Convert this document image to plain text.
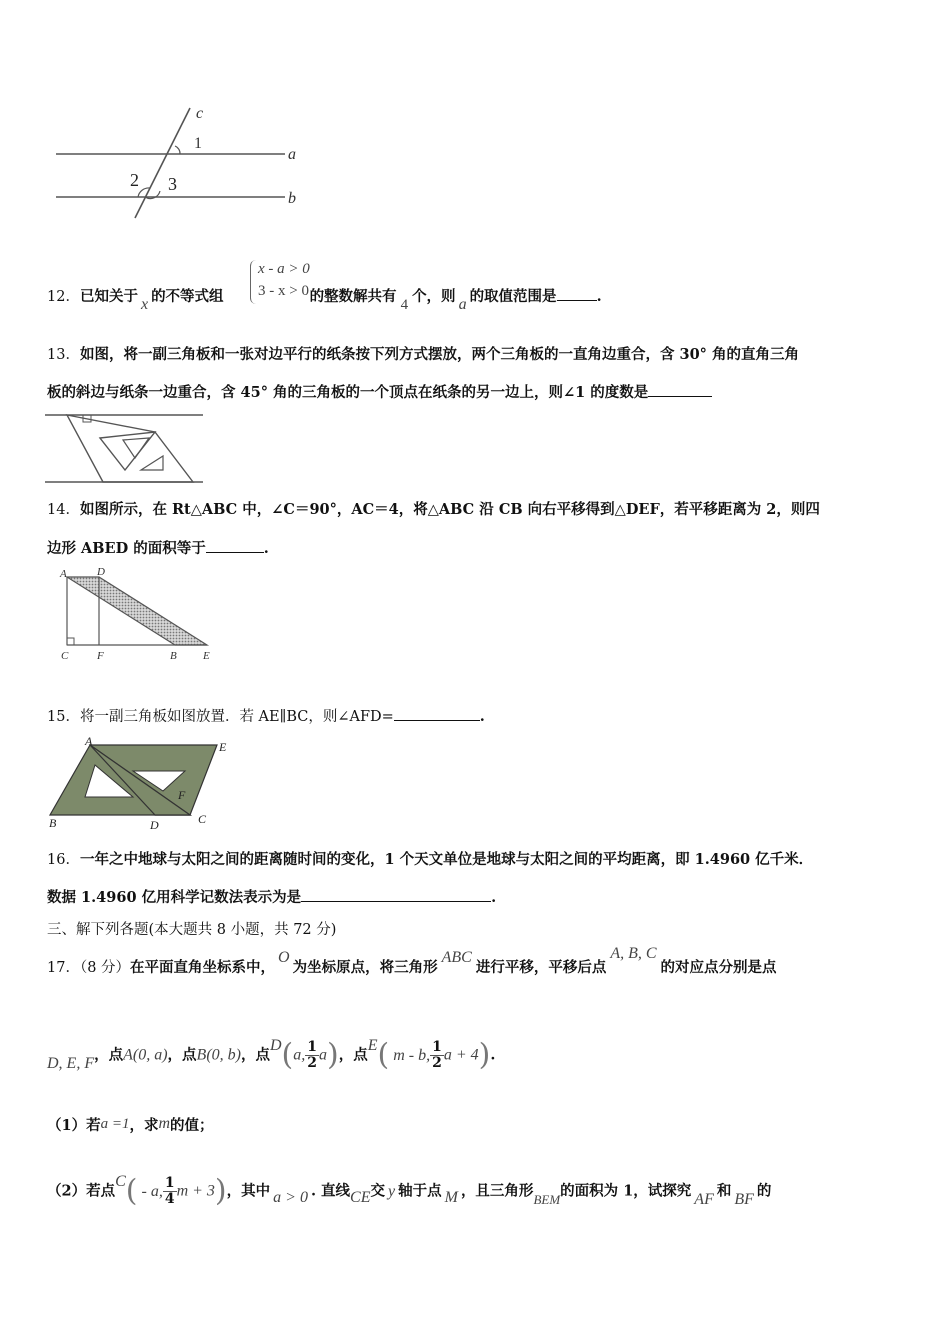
c
1
a
2 3
b
x - a > 0
3 - x > 0
12．已知关于 x 的不等式组	的整数解共有 4 个，则 a 的取值范围是	.
13．如图，将一副三角板和一张对边平行的纸条按下列方式摆放，两个三角板的一直角边重合，含 30° 角的直角三角
板的斜边与纸条一边重合，含 45° 角的三角板的一个顶点在纸条的另一边上，则∠1 的度数是
14．如图所示，在 Rt△ABC 中，∠C＝90°，AC＝4，将△ABC 沿 CB 向右平移得到△DEF，若平移距离为 2，则四
边形 ABED 的面积等于	.
A	D
C	F	B E
15．将一副三角板如图放置．若 AE∥BC，则∠AFD=	.
A	E
F
B	D	C
16．一年之中地球与太阳之间的距离随时间的变化，1 个天文单位是地球与太阳之间的平均距离，即 1.4960 亿千米．
数据 1.4960 亿用科学记数法表示为是	.
三、解下列各题(本大题共 8 小题，共 72 分)
17．（8 分）在平面直角坐标系中，O为坐标原点，将三角形ABC进行平移，平移后点A, B, C的对应点分别是点
D, E, F，点A(0, a)，点B(0, b)，点D(a, $\frac{1}{2} a$)，点E( m - b, $\frac{1}{2}$ a + 4).
（1）若a =1，求m的值；
（2）若点C( - a, $\frac{1}{4}$ m + 3)，其中 a > 0 . 直线CE交 y 轴于点 M ，且三角形BEM的面积为 1，试探究 AF 和 BF 的
